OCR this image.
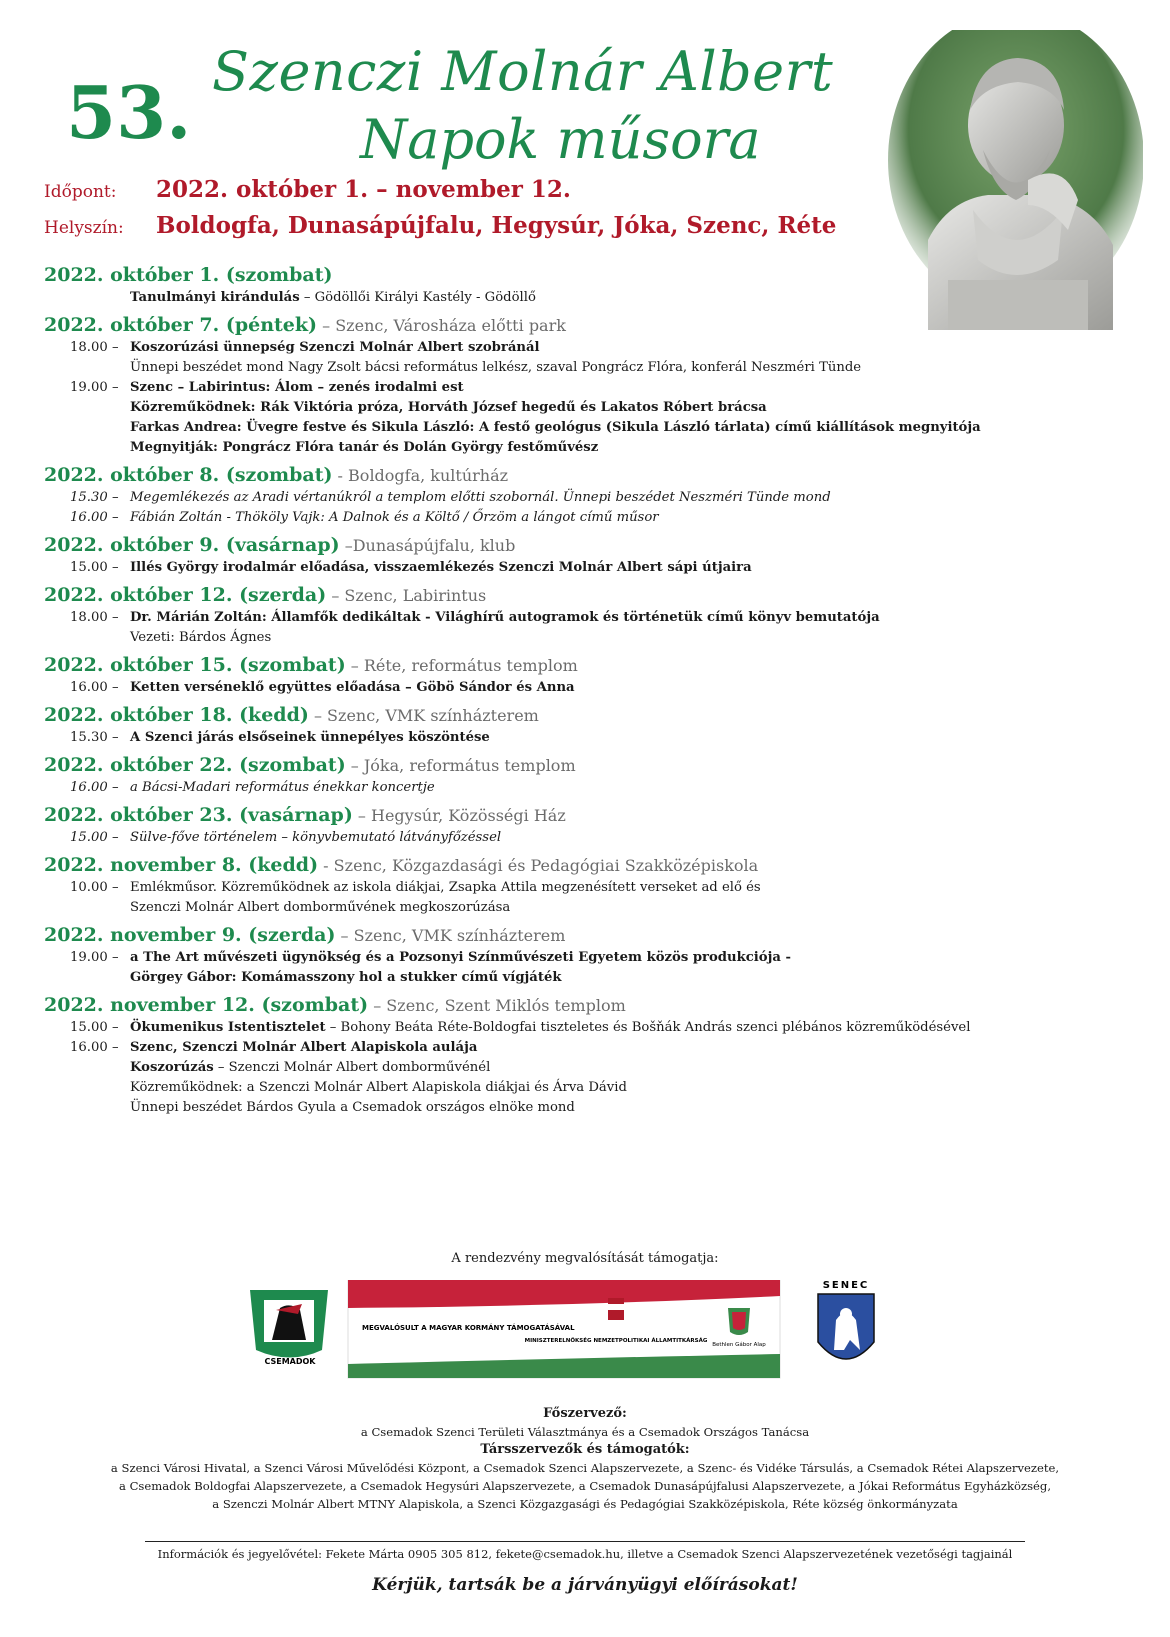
53. Szenczi Molnár Albert
Napok műsora
Időpont: 2022. október 1. – november 12.
Helyszín: Boldogfa, Dunasápújfalu, Hegysúr, Jóka, Szenc, Réte
2022. október 1. (szombat)
Tanulmányi kirándulás – Gödöllői Királyi Kastély - Gödöllő
2022. október 7. (péntek) – Szenc, Városháza előtti park
18.00 – Koszorúzási ünnepség Szenczi Molnár Albert szobránál
Ünnepi beszédet mond Nagy Zsolt bácsi református lelkész, szaval Pongrácz Flóra, konferál Neszméri Tünde
19.00 – Szenc – Labirintus: Álom – zenés irodalmi est
Közreműködnek: Rák Viktória próza, Horváth József hegedű és Lakatos Róbert brácsa
Farkas Andrea: Üvegre festve és Sikula László: A festő geológus (Sikula László tárlata) című kiállítások megnyitója
Megnyitják: Pongrácz Flóra tanár és Dolán György festőművész
2022. október 8. (szombat) - Boldogfa, kultúrház
15.30 – Megemlékezés az Aradi vértanúkról a templom előtti szobornál. Ünnepi beszédet Neszméri Tünde mond
16.00 – Fábián Zoltán - Thököly Vajk: A Dalnok és a Költő / Őrzöm a lángot című műsor
2022. október 9. (vasárnap) –Dunasápújfalu, klub
15.00 – Illés György irodalmár előadása, visszaemlékezés Szenczi Molnár Albert sápi útjaira
2022. október 12. (szerda) – Szenc, Labirintus
18.00 – Dr. Márián Zoltán: Államfők dedikáltak - Világhírű autogramok és történetük című könyv bemutatója
Vezeti: Bárdos Ágnes
2022. október 15. (szombat) – Réte, református templom
16.00 – Ketten verséneklő együttes előadása – Göbö Sándor és Anna
2022. október 18. (kedd) – Szenc, VMK színházterem
15.30 – A Szenci járás elsőseinek ünnepélyes köszöntése
2022. október 22. (szombat) – Jóka, református templom
16.00 – a Bácsi-Madari református énekkar koncertje
2022. október 23. (vasárnap) – Hegysúr, Közösségi Ház
15.00 – Sülve-főve történelem – könyvbemutató látványfőzéssel
2022. november 8. (kedd) - Szenc, Közgazdasági és Pedagógiai Szakközépiskola
10.00 – Emlékműsor. Közreműködnek az iskola diákjai, Zsapka Attila megzenésített verseket ad elő és
Szenczi Molnár Albert domborművének megkoszorúzása
2022. november 9. (szerda) – Szenc, VMK színházterem
19.00 – a The Art művészeti ügynökség és a Pozsonyi Színművészeti Egyetem közös produkciója -
Görgey Gábor: Komámasszony hol a stukker című vígjáték
2022. november 12. (szombat) – Szenc, Szent Miklós templom
15.00 – Ökumenikus Istentisztelet – Bohony Beáta Réte-Boldogfai tiszteletes és Bošňák András szenci plébános közreműködésével
16.00 – Szenc, Szenczi Molnár Albert Alapiskola aulája
Koszorúzás – Szenczi Molnár Albert domborművénél
Közreműködnek: a Szenczi Molnár Albert Alapiskola diákjai és Árva Dávid
Ünnepi beszédet Bárdos Gyula a Csemadok országos elnöke mond
A rendezvény megvalósítását támogatja:
CSEMADOK
MEGVALÓSULT A MAGYAR KORMÁNY TÁMOGATÁSÁVAL
MINISZTERELNÖKSÉG NEMZETPOLITIKAI ÁLLAMTITKÁRSÁG
Bethlen Gábor Alap
SENEC
Főszervező:
a Csemadok Szenci Területi Választmánya és a Csemadok Országos Tanácsa
Társszervezők és támogatók:
a Szenci Városi Hivatal, a Szenci Városi Művelődési Központ, a Csemadok Szenci Alapszervezete, a Szenc- és Vidéke Társulás, a Csemadok Rétei Alapszervezete,
a Csemadok Boldogfai Alapszervezete, a Csemadok Hegysúri Alapszervezete, a Csemadok Dunasápújfalusi Alapszervezete, a Jókai Református Egyházközség,
a Szenczi Molnár Albert MTNY Alapiskola, a Szenci Közgazgasági és Pedagógiai Szakközépiskola, Réte község önkormányzata
Információk és jegyelővétel: Fekete Márta 0905 305 812, fekete@csemadok.hu, illetve a Csemadok Szenci Alapszervezetének vezetőségi tagjainál
Kérjük, tartsák be a járványügyi előírásokat!
